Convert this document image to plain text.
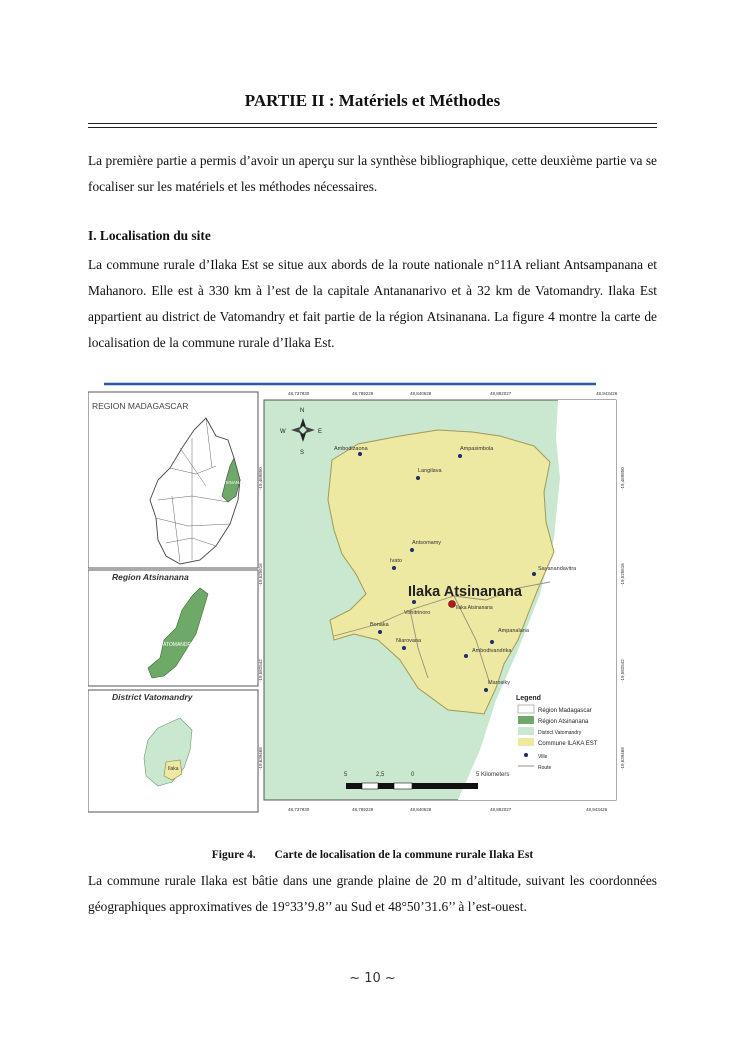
PARTIE II : Matériels et Méthodes

La première partie a permis d’avoir un aperçu sur la synthèse bibliographique, cette deuxième partie va se focaliser sur les matériels et les méthodes nécessaires.

I. Localisation du site

La commune rurale d’Ilaka Est se situe aux abords de la route nationale n°11A reliant Antsampanana et Mahanoro. Elle est à 330 km à l’est de la capitale Antananarivo et à 32 km de Vatomandry. Ilaka Est appartient au district de Vatomandry et fait partie de la région Atsinanana. La figure 4 montre la carte de localisation de la commune rurale d’Ilaka Est.

REGION MADAGASCAR
ATSINANANA
Region Atsinanana
VATOMANDRY
District Vatomandry
Ilaka
N
S
E
W
48,737830	48,789229	48,840628	48,892027	48,943426
48,737830	48,789229	48,840628	48,892027	48,943426
-19,469850
-19,525616
-19,582542
-19,639468
-19,469850
-19,525616
-19,582542
-19,639468
Ampasimbola
Ambodizaona
Langilava
Antsomamy
Ivato
Sayanandavitra
Vohitrinoro
Bonaka
Niarovana
Ampanalana
Ambodivandrika
Marosiky
Ilaka Atsinanana
Ilaka Atsinanana
Legend
Région Madagascar
Région Atsinanana
District Vatomandry
Commune ILAKA EST
Ville
Route
5	2,5	0	5 Kilometers
Figure 4. Carte de localisation de la commune rurale Ilaka Est

La commune rurale Ilaka est bâtie dans une grande plaine de 20 m d’altitude, suivant les coordonnées géographiques approximatives de 19°33’9.8’’ au Sud et 48°50’31.6’’ à l’est-ouest.

~ 10 ~
